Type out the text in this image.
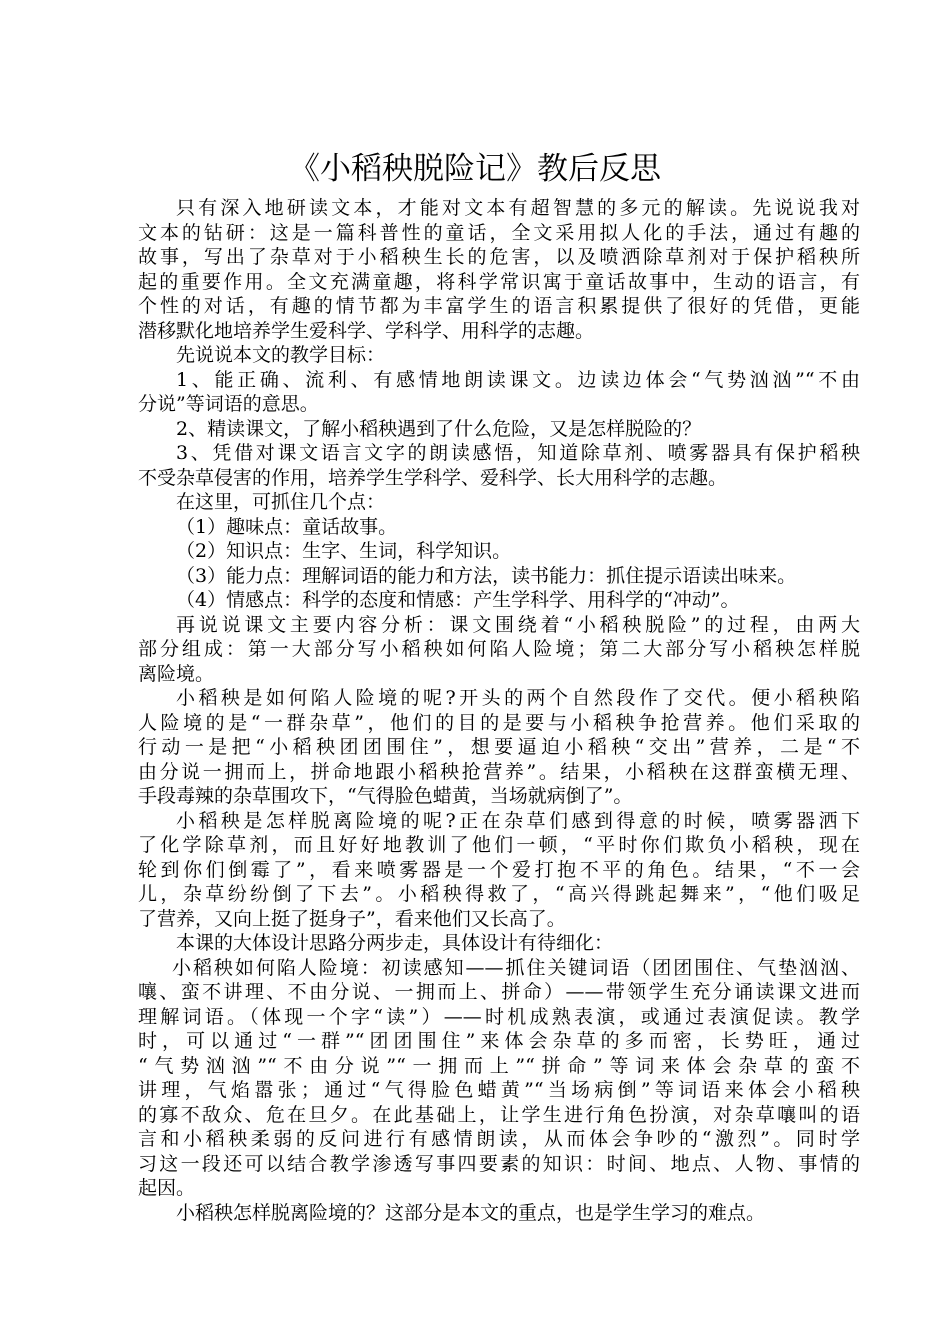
《小稻秧脱险记》教后反思
只有深入地研读文本，才能对文本有超智慧的多元的解读。先说说我对
文本的钻研：这是一篇科普性的童话，全文采用拟人化的手法，通过有趣的
故事，写出了杂草对于小稻秧生长的危害，以及喷洒除草剂对于保护稻秧所
起的重要作用。全文充满童趣，将科学常识寓于童话故事中，生动的语言，有
个性的对话，有趣的情节都为丰富学生的语言积累提供了很好的凭借，更能
潜移默化地培养学生爱科学、学科学、用科学的志趣。
先说说本文的教学目标：
1、能正确、流利、有感情地朗读课文。边读边体会“气势汹汹”“不由
分说”等词语的意思。
2、精读课文，了解小稻秧遇到了什么危险，又是怎样脱险的？
3、凭借对课文语言文字的朗读感悟，知道除草剂、喷雾器具有保护稻秧
不受杂草侵害的作用，培养学生学科学、爱科学、长大用科学的志趣。
在这里，可抓住几个点：
（1）趣味点：童话故事。
（2）知识点：生字、生词，科学知识。
（3）能力点：理解词语的能力和方法，读书能力：抓住提示语读出味来。
（4）情感点：科学的态度和情感：产生学科学、用科学的“冲动”。
再说说课文主要内容分析：课文围绕着“小稻秧脱险”的过程，由两大
部分组成：第一大部分写小稻秧如何陷人险境；第二大部分写小稻秧怎样脱
离险境。
小稻秧是如何陷人险境的呢?开头的两个自然段作了交代。便小稻秧陷
人险境的是“一群杂草”，他们的目的是要与小稻秧争抢营养。他们采取的
行动一是把“小稻秧团团围住”，想要逼迫小稻秧“交出”营养，二是“不
由分说一拥而上，拼命地跟小稻秧抢营养”。结果，小稻秧在这群蛮横无理、
手段毒辣的杂草围攻下，“气得脸色蜡黄，当场就病倒了”。
小稻秧是怎样脱离险境的呢?正在杂草们感到得意的时候，喷雾器洒下
了化学除草剂，而且好好地教训了他们一顿，“平时你们欺负小稻秧，现在
轮到你们倒霉了”，看来喷雾器是一个爱打抱不平的角色。结果，“不一会
儿，杂草纷纷倒了下去”。小稻秧得救了，“高兴得跳起舞来”，“他们吸足
了营养，又向上挺了挺身子”，看来他们又长高了。
本课的大体设计思路分两步走，具体设计有待细化：
小稻秧如何陷人险境：初读感知——抓住关键词语（团团围住、气垫汹汹、
嚷、蛮不讲理、不由分说、一拥而上、拼命）——带领学生充分诵读课文进而
理解词语。（体现一个字“读”）——时机成熟表演，或通过表演促读。教学
时，可以通过“一群”“团团围住”来体会杂草的多而密，长势旺，通过
“气势汹汹”“不由分说”“一拥而上”“拼命”等词来体会杂草的蛮不
讲理，气焰嚣张；通过“气得脸色蜡黄”“当场病倒”等词语来体会小稻秧
的寡不敌众、危在旦夕。在此基础上，让学生进行角色扮演，对杂草嚷叫的语
言和小稻秧柔弱的反问进行有感情朗读，从而体会争吵的“激烈”。同时学
习这一段还可以结合教学渗透写事四要素的知识：时间、地点、人物、事情的
起因。
小稻秧怎样脱离险境的？这部分是本文的重点，也是学生学习的难点。
